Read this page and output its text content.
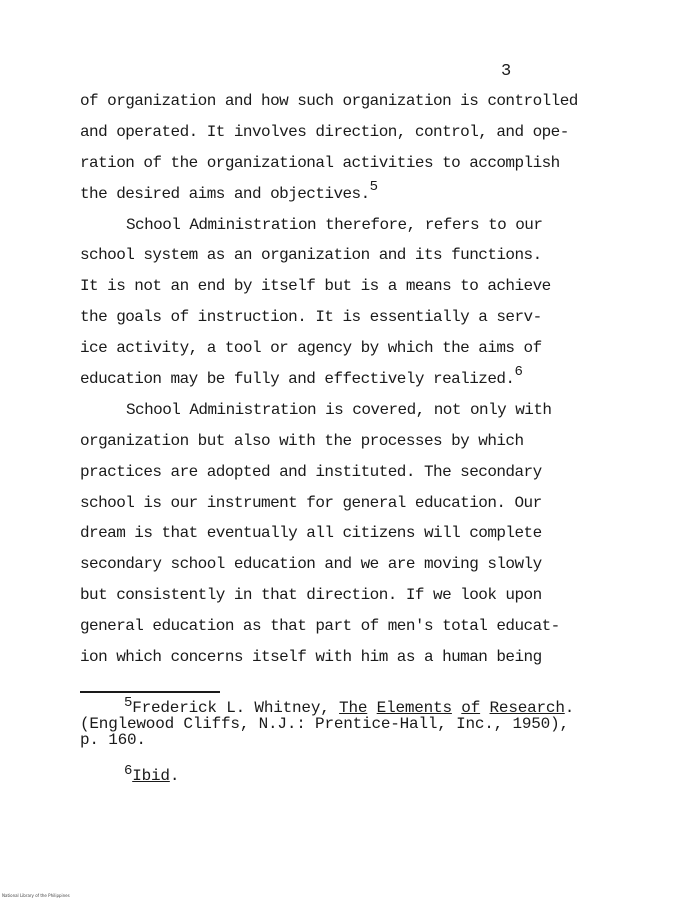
3
of organization and how such organization is controlled
and operated. It involves direction, control, and ope-
ration of the organizational activities to accomplish
the desired aims and objectives.$^5$
School Administration therefore, refers to our
school system as an organization and its functions.
It is not an end by itself but is a means to achieve
the goals of instruction. It is essentially a serv-
ice activity, a tool or agency by which the aims of
education may be fully and effectively realized.$^6$
School Administration is covered, not only with
organization but also with the processes by which
practices are adopted and instituted. The secondary
school is our instrument for general education. Our
dream is that eventually all citizens will complete
secondary school education and we are moving slowly
but consistently in that direction. If we look upon
general education as that part of men's total educat-
ion which concerns itself with him as a human being
5Frederick L. Whitney, The Elements of Research.
(Englewood Cliffs, N.J.: Prentice-Hall, Inc., 1950),
p. 160.
6Ibid.
National Library of the Philippines
